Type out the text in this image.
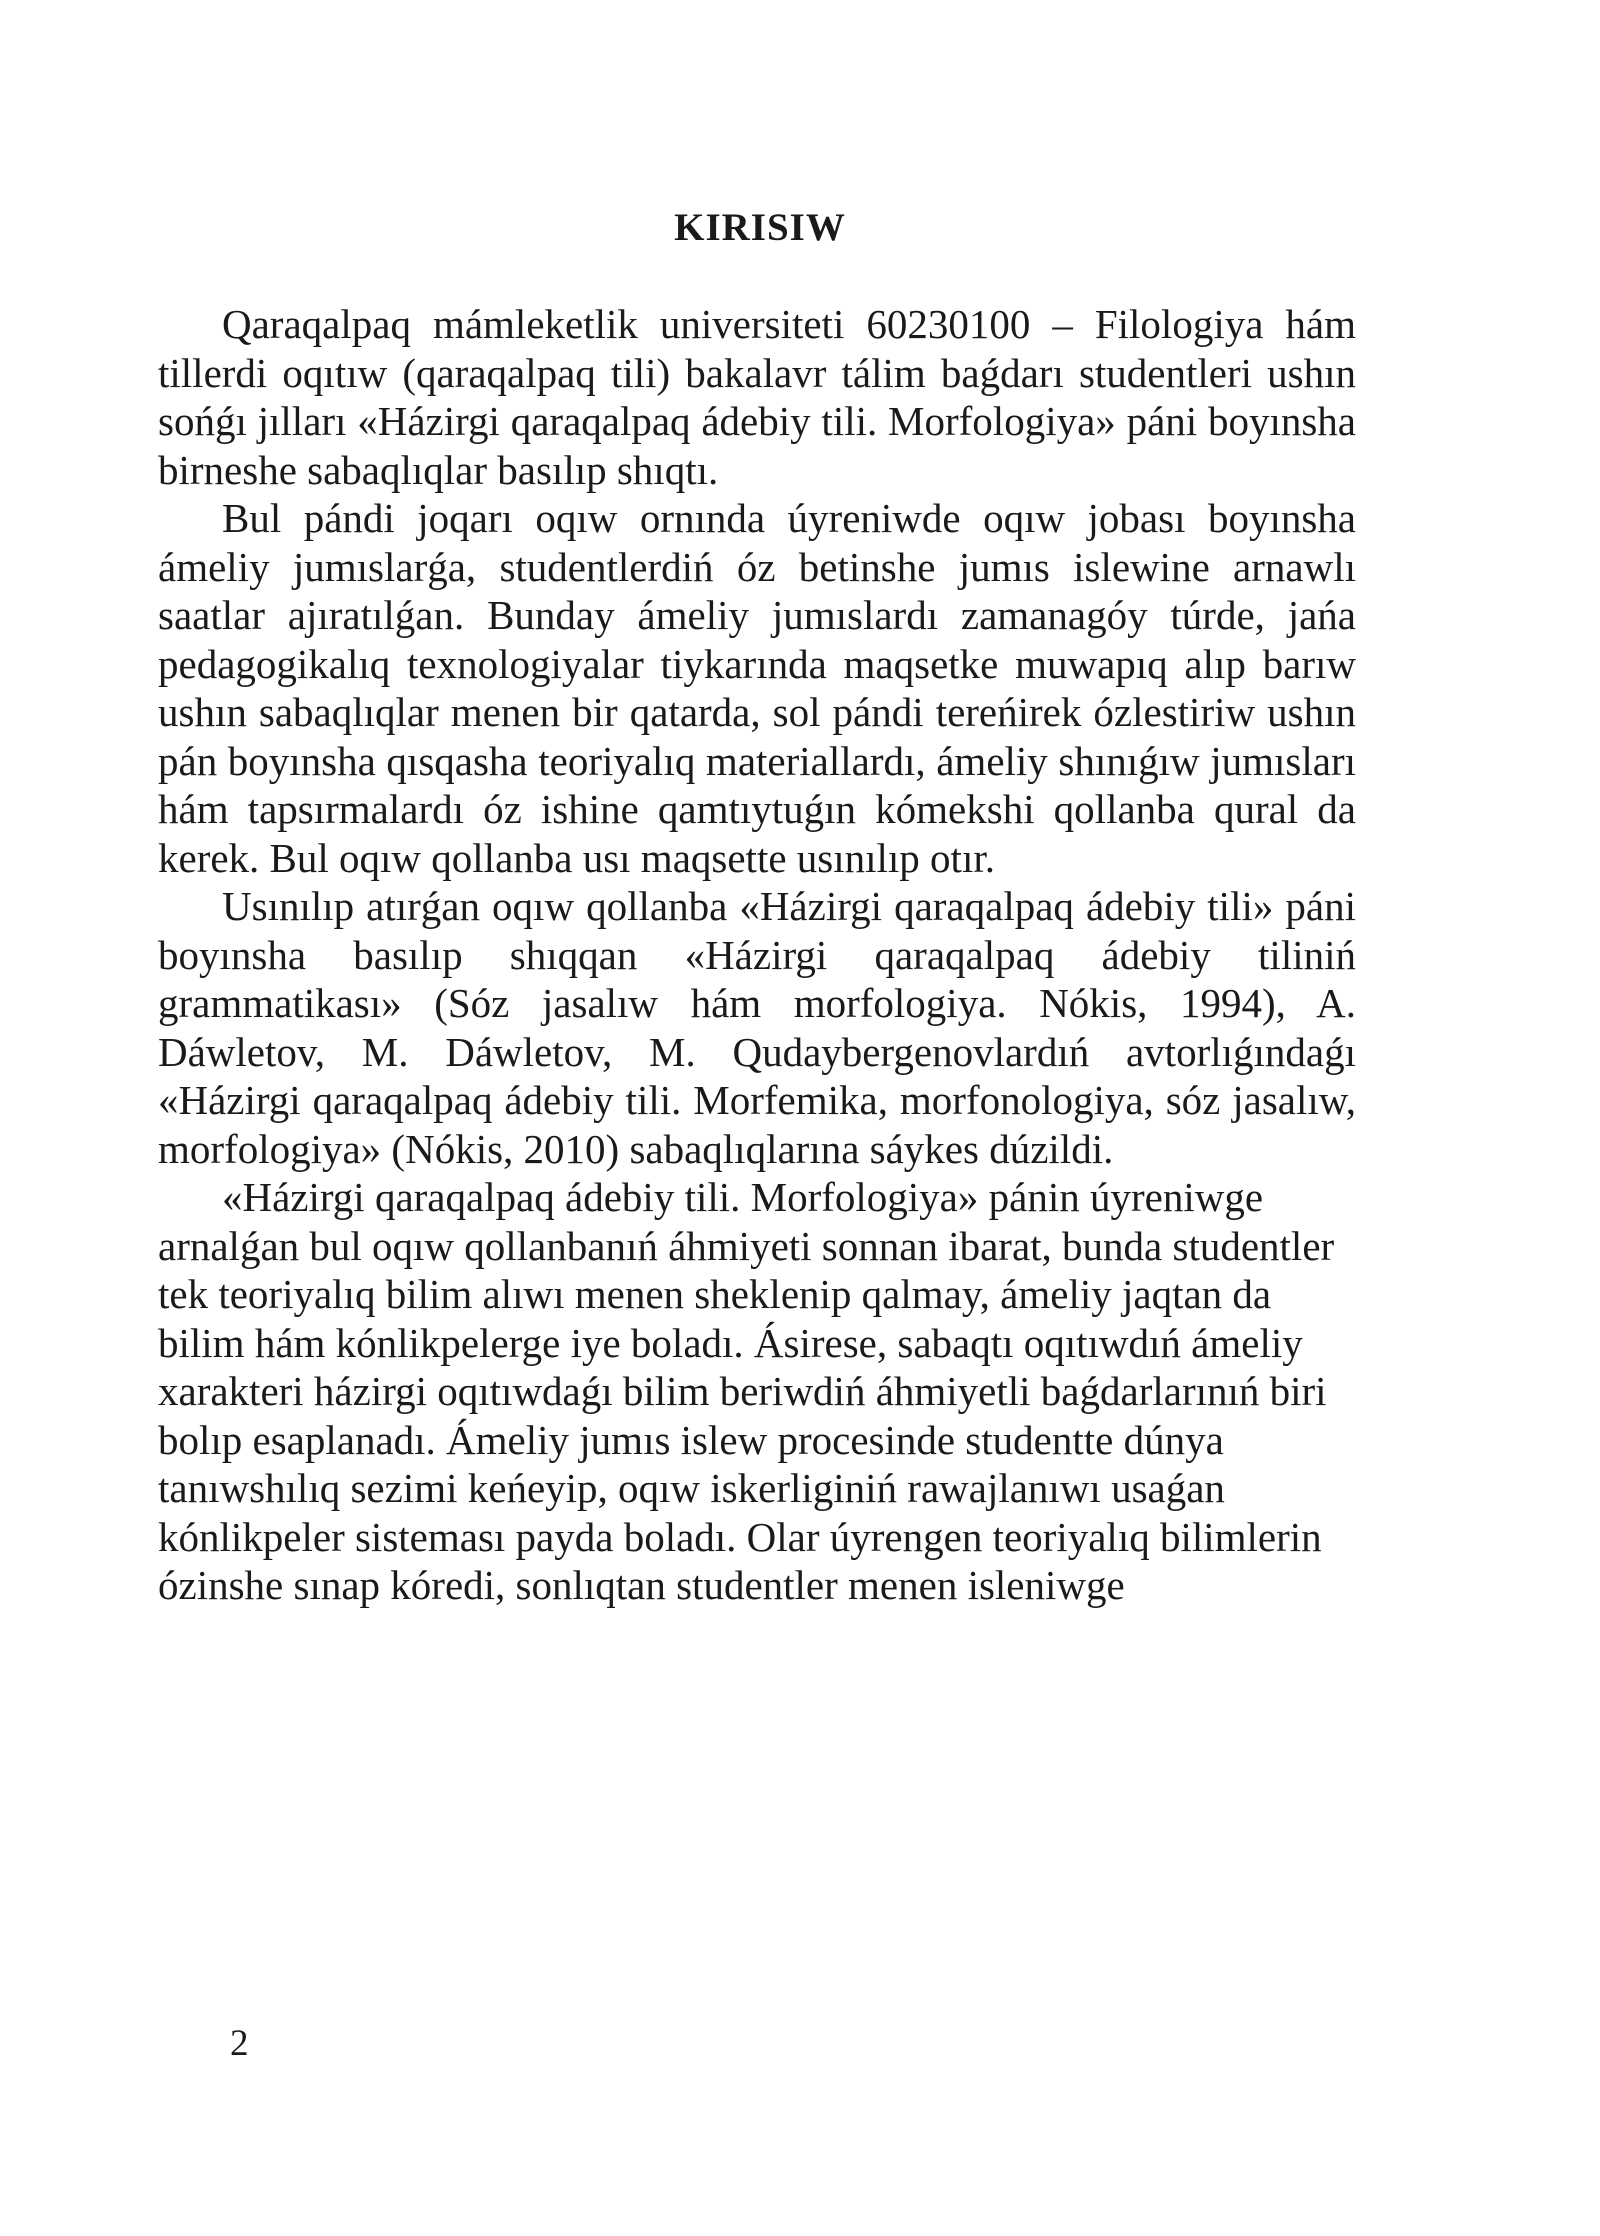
KIRISIW

Qaraqalpaq mámleketlik universiteti 60230100 – Filologiya hám tillerdi oqıtıw (qaraqalpaq tili) bakalavr tálim baǵdarı studentleri ushın sońǵı jılları «Házirgi qaraqalpaq ádebiy tili. Morfologiya» páni boyınsha birneshe sabaqlıqlar basılıp shıqtı.

Bul pándi joqarı oqıw ornında úyreniwde oqıw jobası boyınsha ámeliy jumıslarǵa, studentlerdiń óz betinshe jumıs islewine arnawlı saatlar ajıratılǵan. Bunday ámeliy jumıslardı zamanagóy túrde, jańa pedagogikalıq texnologiyalar tiykarında maqsetke muwapıq alıp barıw ushın sabaqlıqlar menen bir qatarda, sol pándi tereńirek ózlestiriw ushın pán boyınsha qısqasha teoriyalıq materiallardı, ámeliy shınıǵıw jumısları hám tapsırmalardı óz ishine qamtıytuǵın kómekshi qollanba qural da kerek. Bul oqıw qollanba usı maqsette usınılıp otır.

Usınılıp atırǵan oqıw qollanba «Házirgi qaraqalpaq ádebiy tili» páni boyınsha basılıp shıqqan «Házirgi qaraqalpaq ádebiy tiliniń grammatikası» (Sóz jasalıw hám morfologiya. Nókis, 1994), A. Dáwletov, M. Dáwletov, M. Qudaybergenovlardıń avtorlıǵındaǵı «Házirgi qaraqalpaq ádebiy tili. Morfemika, morfonologiya, sóz jasalıw, morfologiya» (Nókis, 2010) sabaqlıqlarına sáykes dúzildi.

«Házirgi qaraqalpaq ádebiy tili. Morfologiya» pánin úyreniwge arnalǵan bul oqıw qollanbanıń áhmiyeti sonnan ibarat, bunda studentler tek teoriyalıq bilim alıwı menen sheklenip qalmay, ámeliy jaqtan da bilim hám kónlikpelerge iye boladı. Ásirese, sabaqtı oqıtıwdıń ámeliy xarakteri házirgi oqıtıwdaǵı bilim beriwdiń áhmiyetli baǵdarlarınıń biri bolıp esaplanadı. Ámeliy jumıs islew procesinde studentte dúnya tanıwshılıq sezimi keńeyip, oqıw iskerliginiń rawajlanıwı usaǵan kónlikpeler sisteması payda boladı. Olar úyrengen teoriyalıq bilimlerin ózinshe sınap kóredi, sonlıqtan studentler menen isleniwge

2
